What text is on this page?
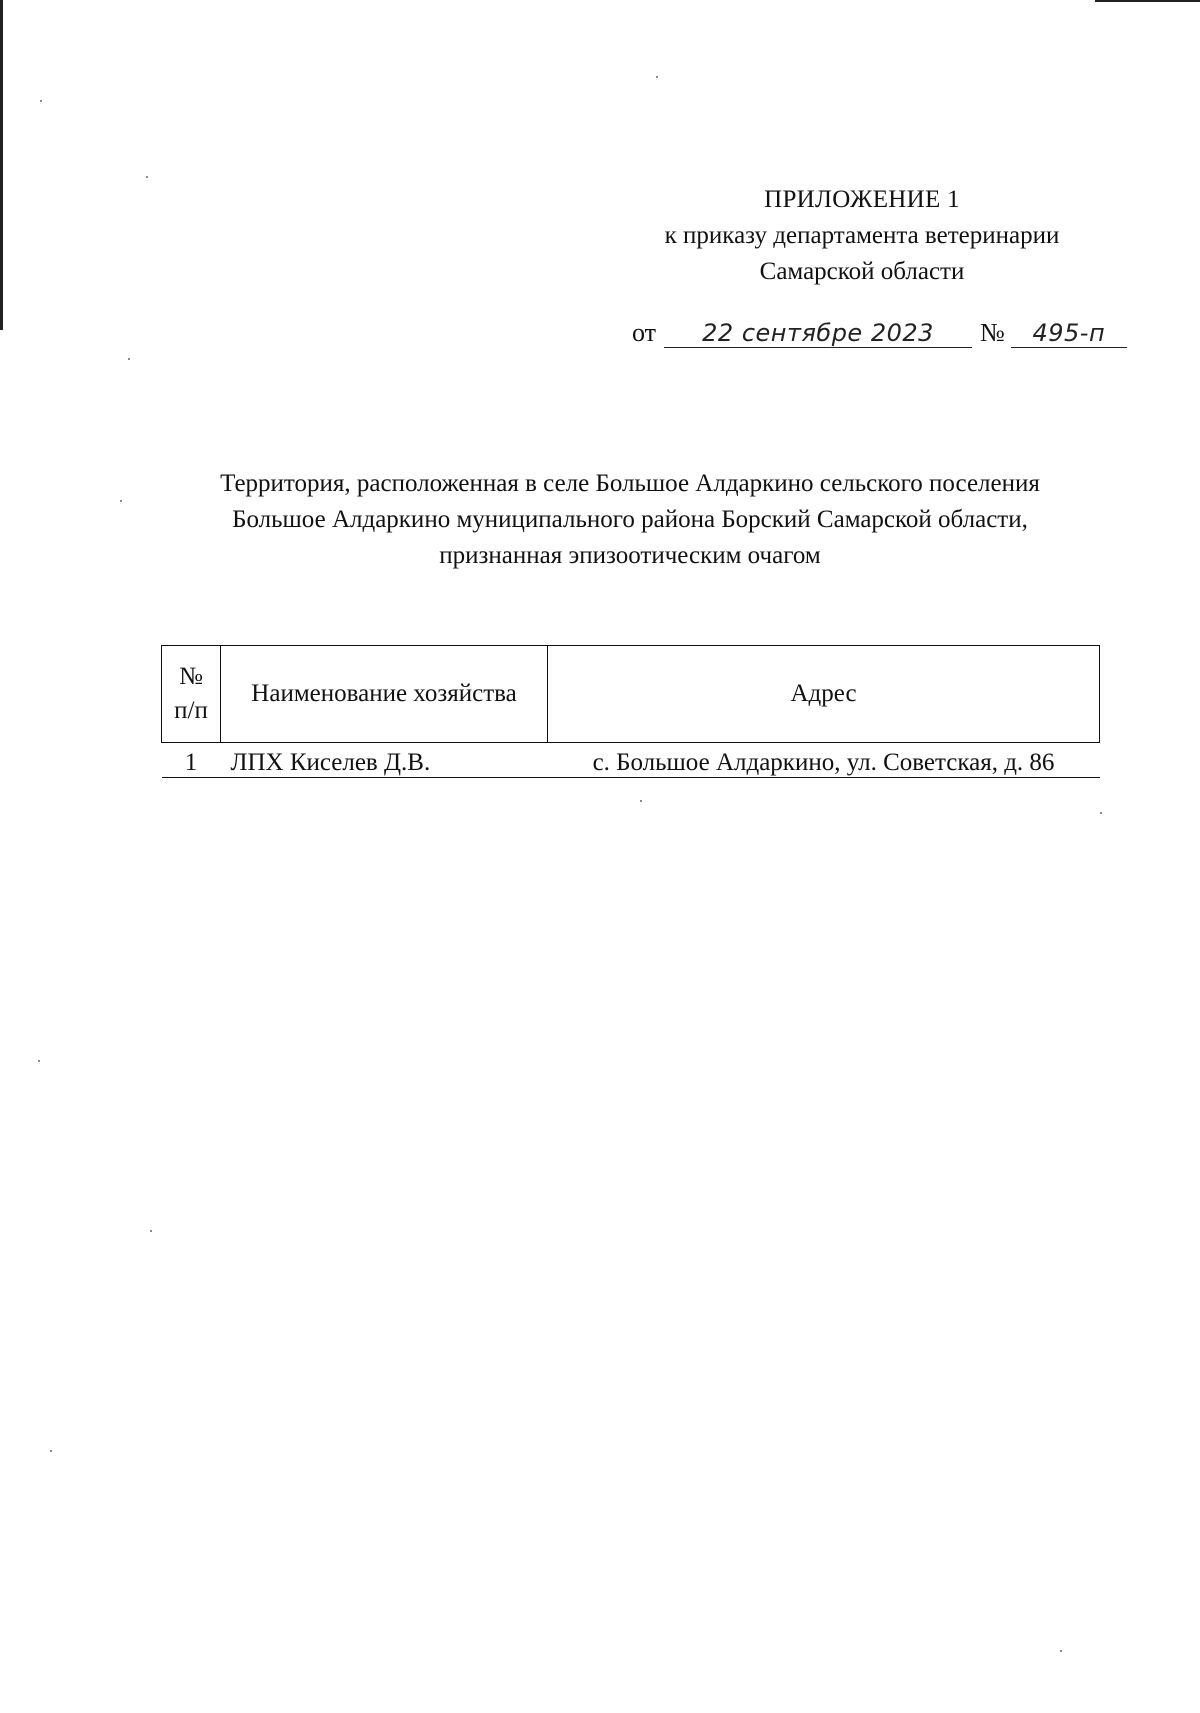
ПРИЛОЖЕНИЕ 1
к приказу департамента ветеринарии
Самарской области
от 22 сентябре 2023 № 495-п
Территория, расположенная в селе Большое Алдаркино сельского поселения
Большое Алдаркино муниципального района Борский Самарской области,
признанная эпизоотическим очагом
№
п/п	Наименование хозяйства	Адрес
1	ЛПХ Киселев Д.В.	с. Большое Алдаркино, ул. Советская, д. 86
